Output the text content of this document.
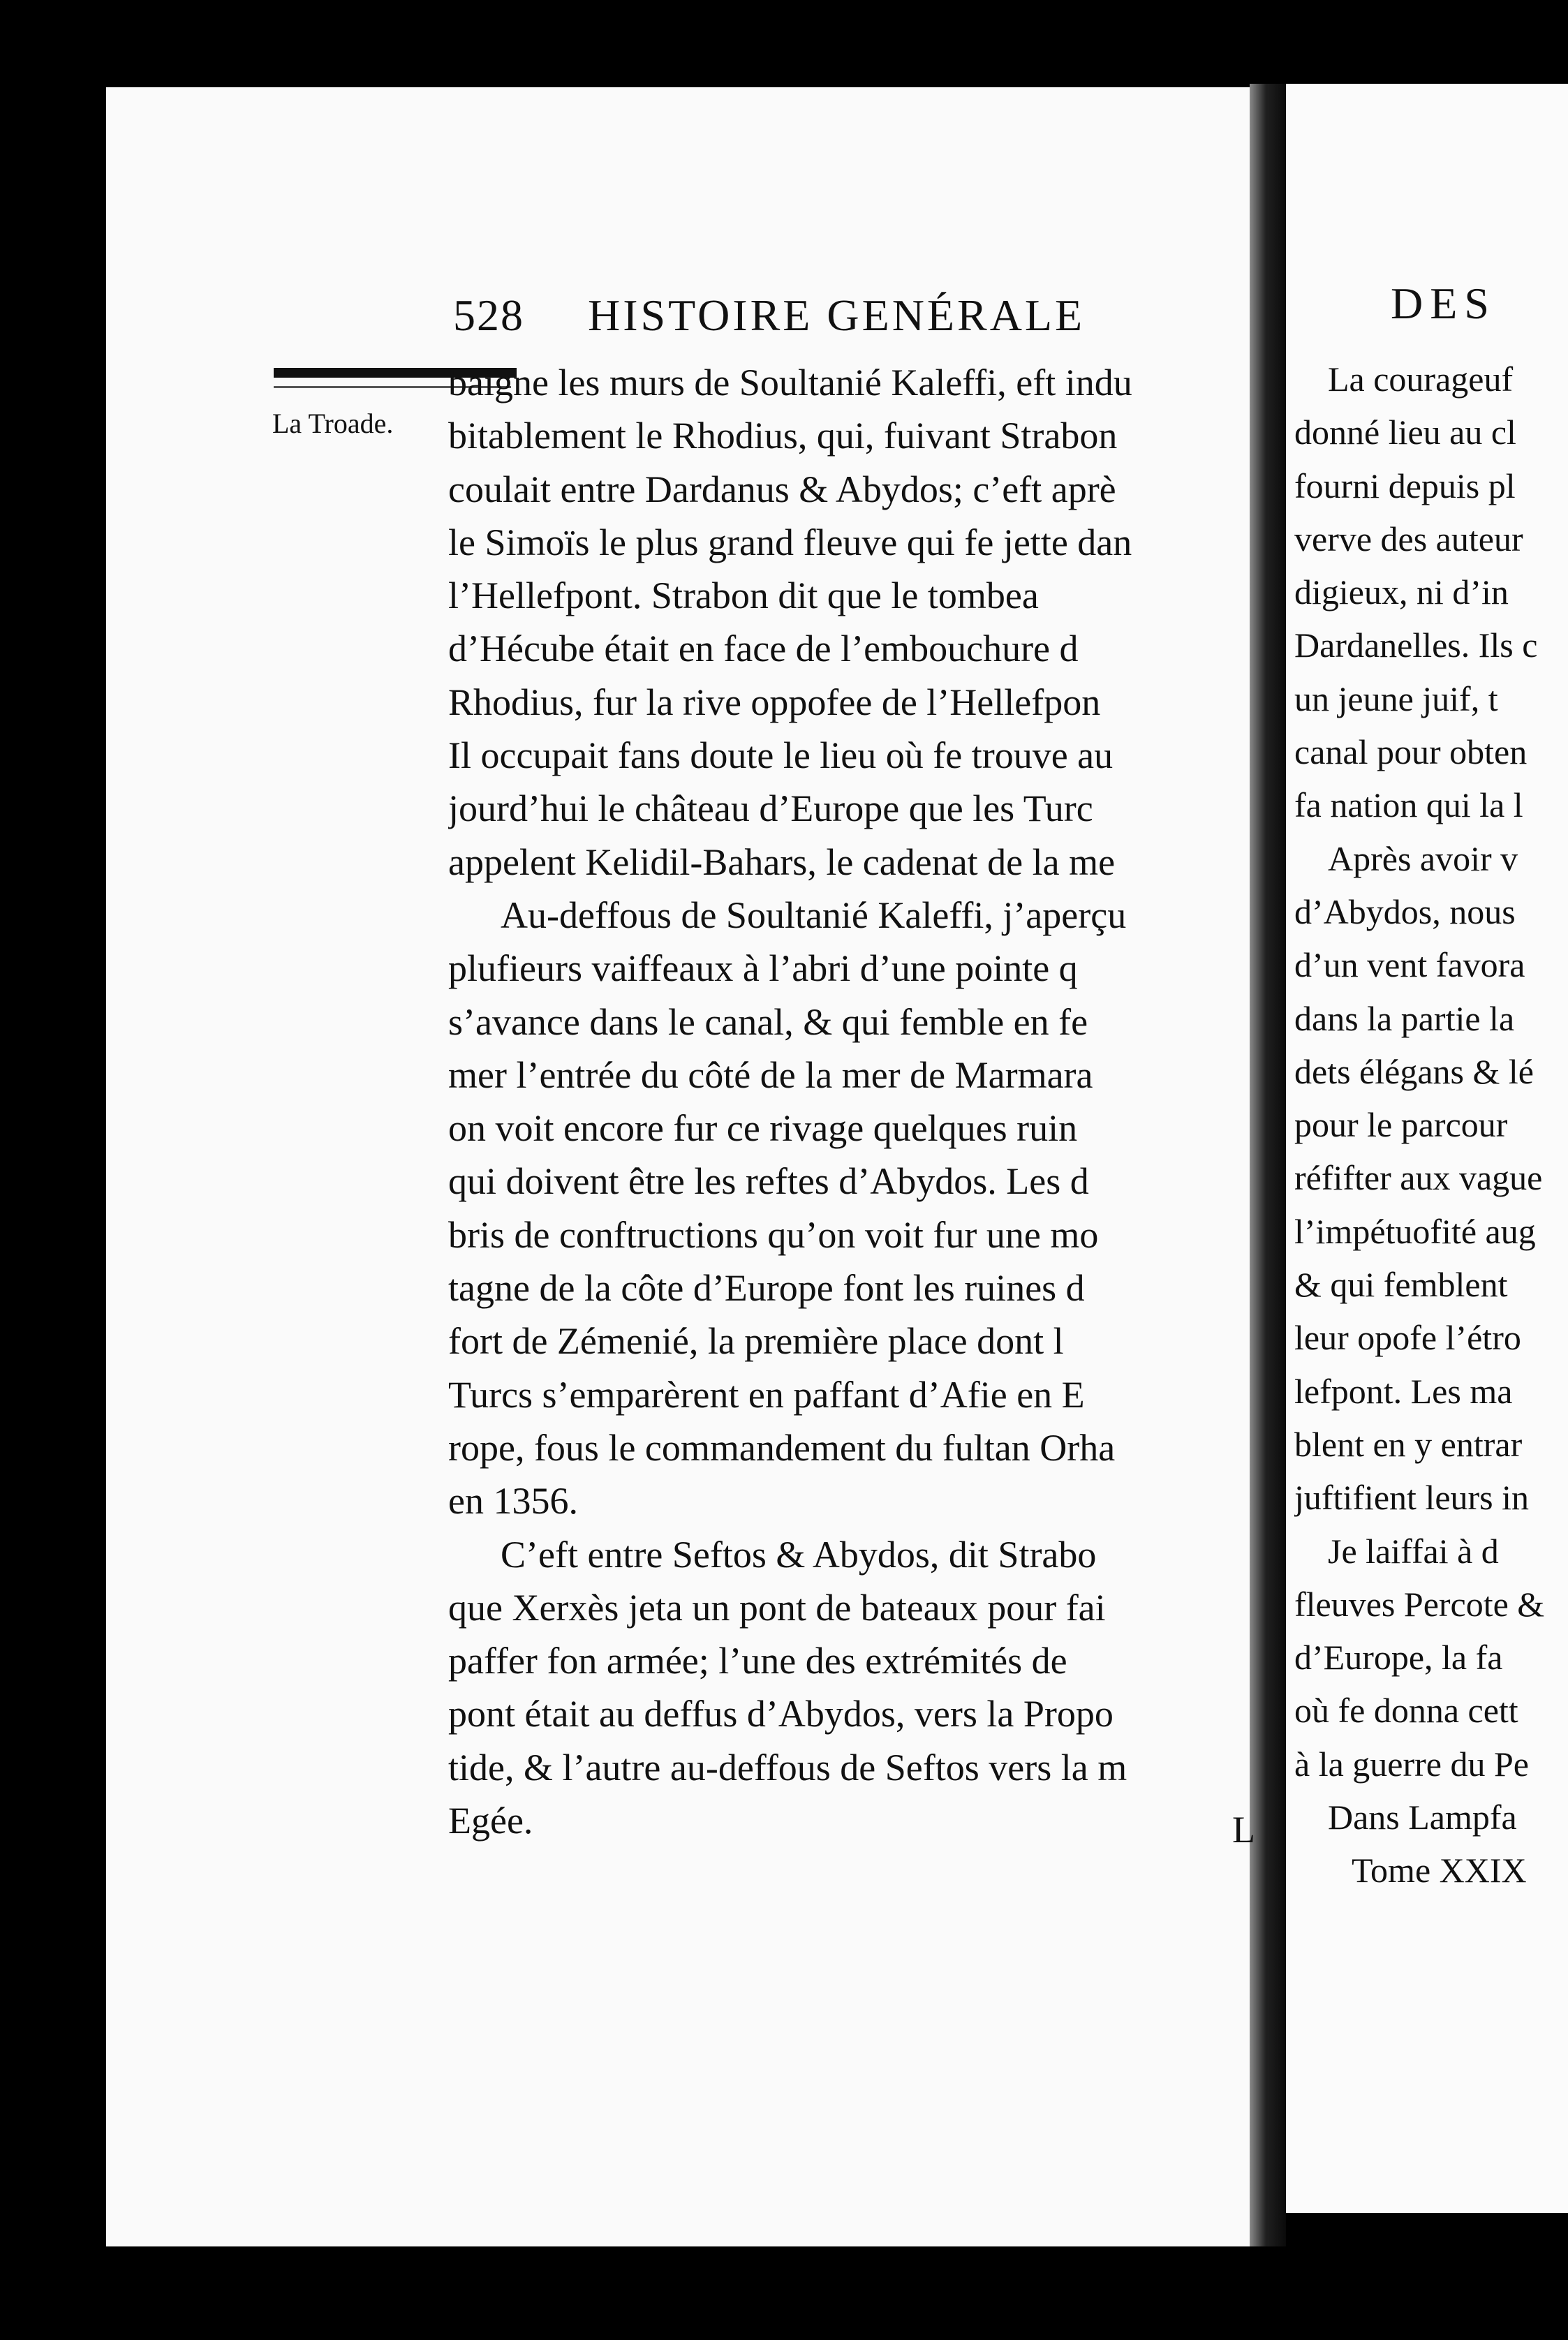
528 HISTOIRE GENÉRALE
La Troade.
baigne les murs de Soultanié Kaleffi, eft indu
bitablement le Rhodius, qui, fuivant Strabon
coulait entre Dardanus & Abydos; c’eft aprè
le Simoïs le plus grand fleuve qui fe jette dan
l’Hellefpont. Strabon dit que le tombea
d’Hécube était en face de l’embouchure d
Rhodius, fur la rive oppofee de l’Hellefpon
Il occupait fans doute le lieu où fe trouve au
jourd’hui le château d’Europe que les Turc
appelent Kelidil-Bahars, le cadenat de la me
Au-deffous de Soultanié Kaleffi, j’aperçu
plufieurs vaiffeaux à l’abri d’une pointe q
s’avance dans le canal, & qui femble en fe
mer l’entrée du côté de la mer de Marmara
on voit encore fur ce rivage quelques ruin
qui doivent être les reftes d’Abydos. Les d
bris de conftructions qu’on voit fur une mo
tagne de la côte d’Europe font les ruines d
fort de Zémenié, la première place dont l
Turcs s’emparèrent en paffant d’Afie en E
rope, fous le commandement du fultan Orha
en 1356.
C’eft entre Seftos & Abydos, dit Strabo
que Xerxès jeta un pont de bateaux pour fai
paffer fon armée; l’une des extrémités de
pont était au deffus d’Abydos, vers la Propo
tide, & l’autre au-deffous de Seftos vers la m
Egée.
DES
La courageuf
donné lieu au cl
fourni depuis pl
verve des auteur
digieux, ni d’in
Dardanelles. Ils c
un jeune juif, t
canal pour obten
fa nation qui la l
Après avoir v
d’Abydos, nous
d’un vent favora
dans la partie la
dets élégans & lé
pour le parcour
réfifter aux vague
l’impétuofité aug
& qui femblent
leur opofe l’étro
lefpont. Les ma
blent en y entrar
juftifient leurs in
Je laiffai à d
fleuves Percote &
d’Europe, la fa
où fe donna cett
à la guerre du Pe
Dans Lampfa
Tome XXIX
L
